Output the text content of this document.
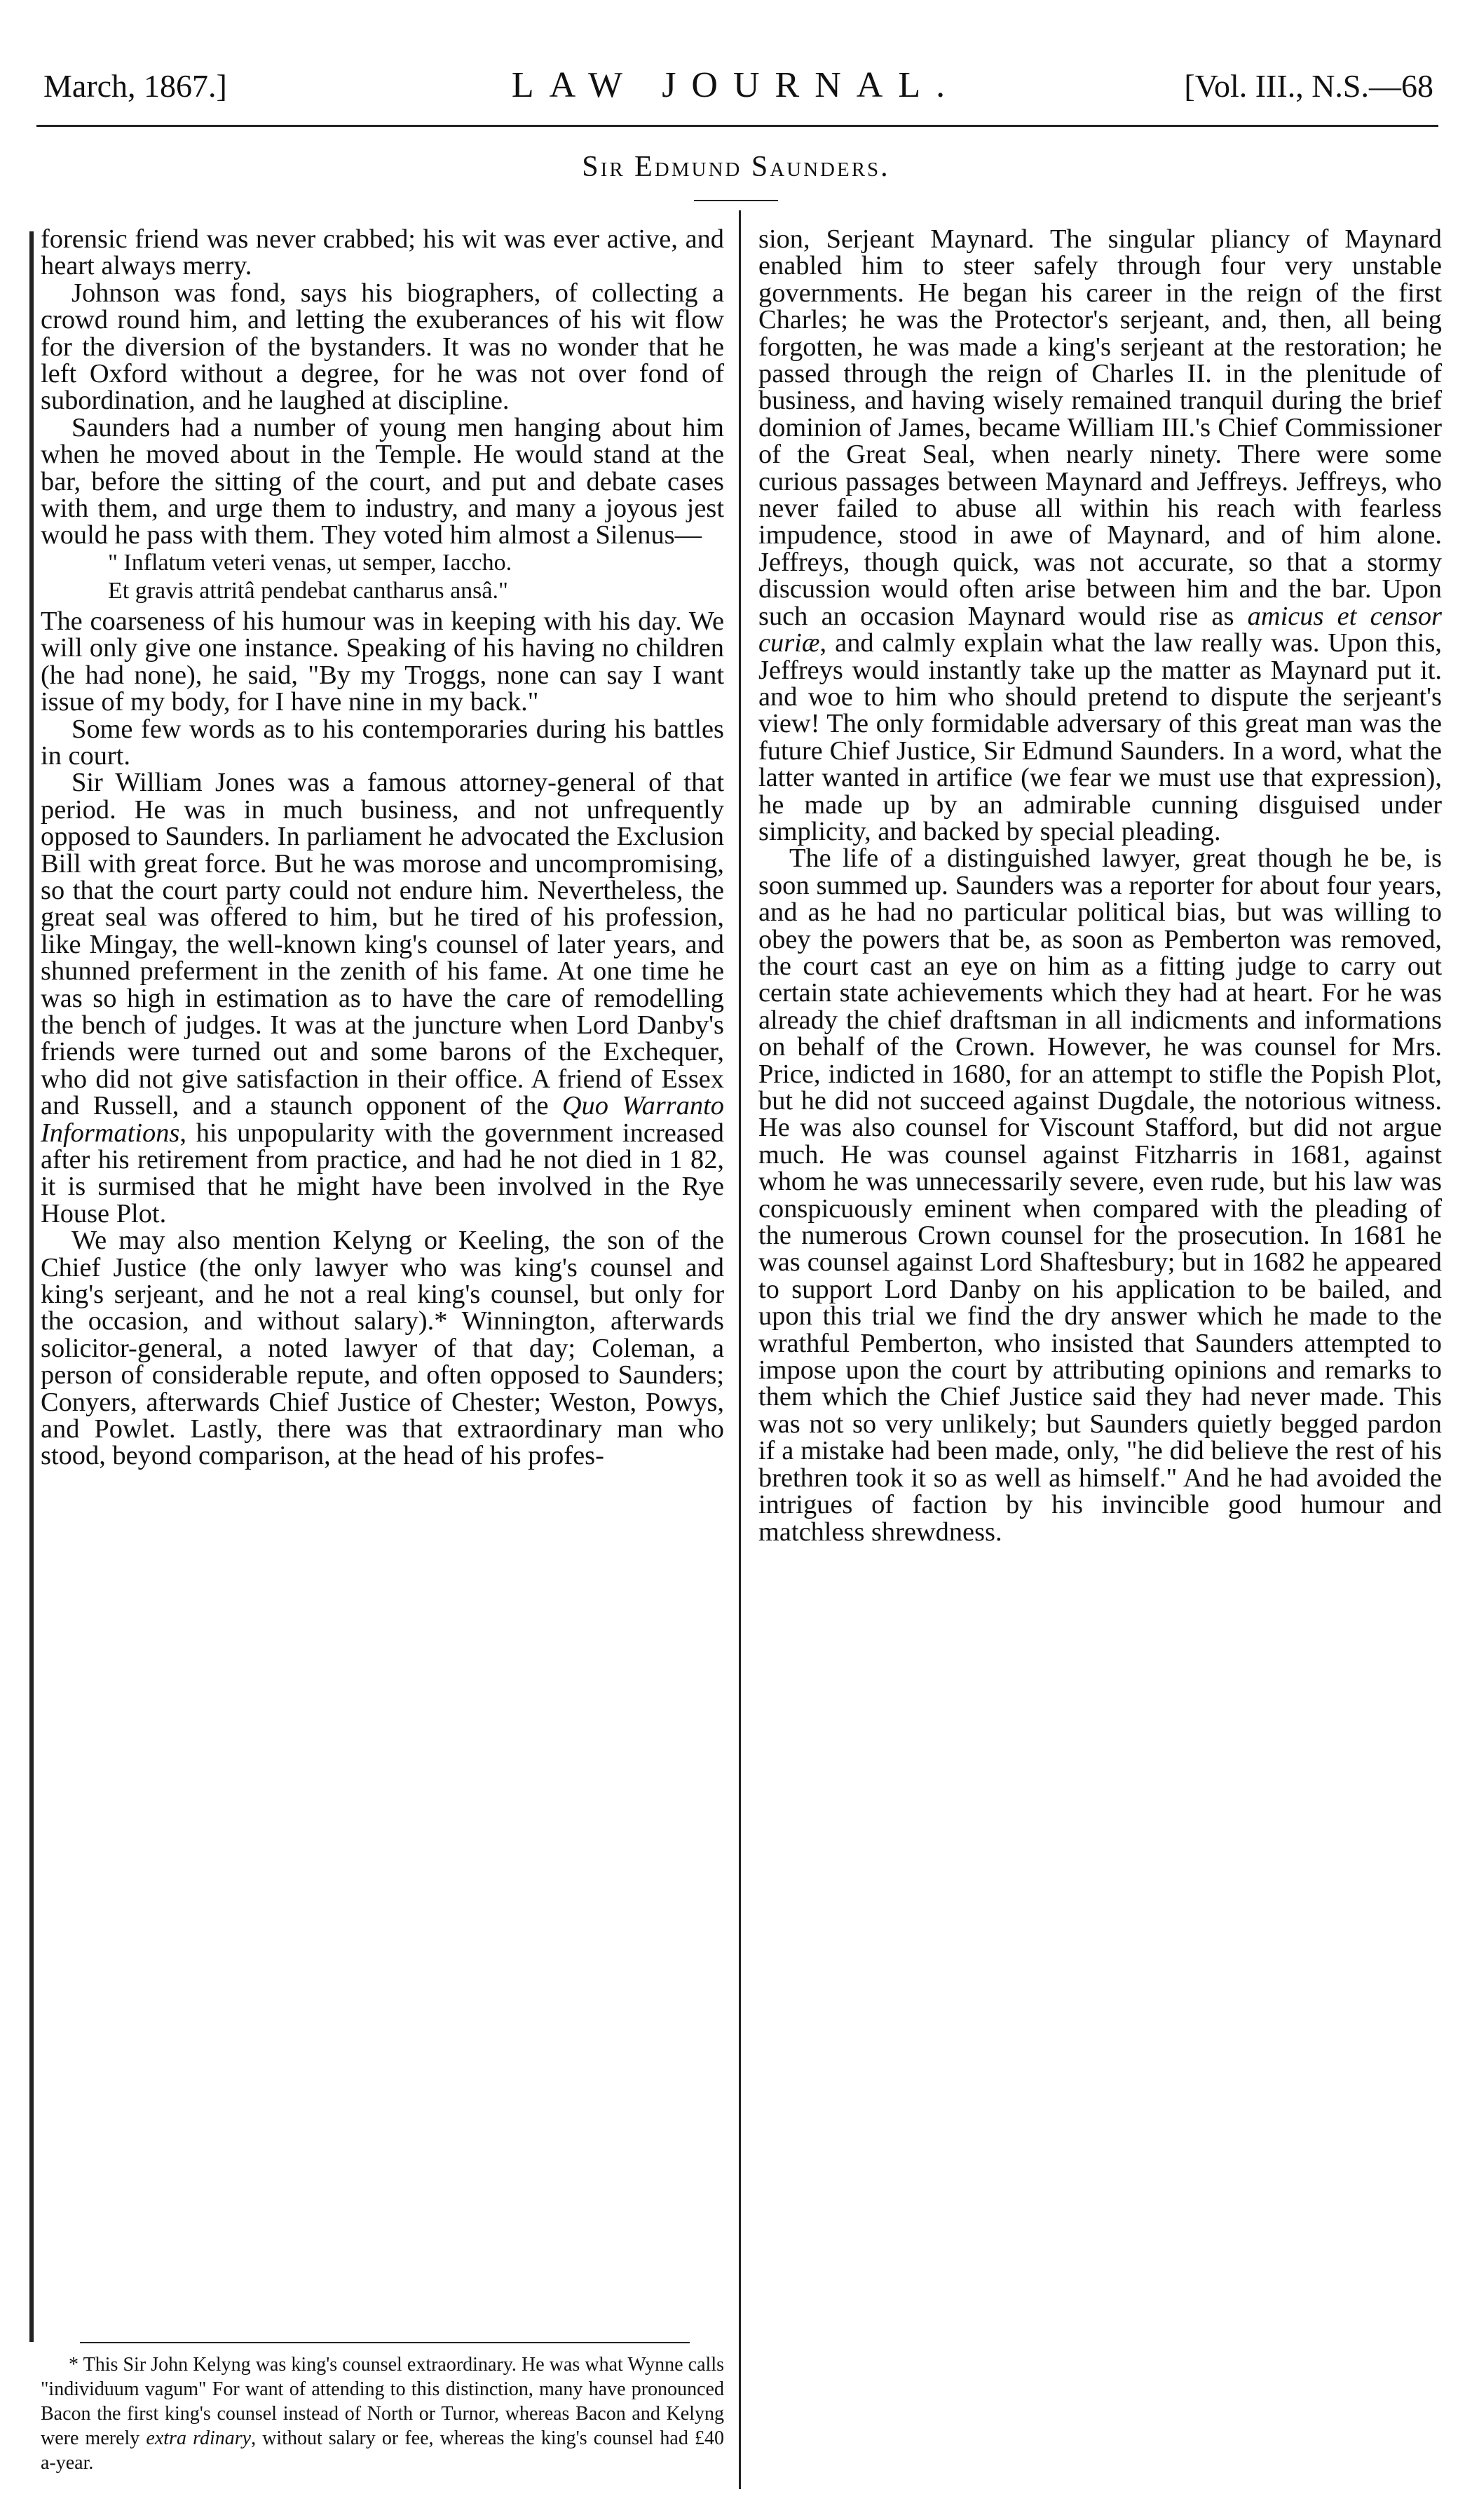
March, 1867.]	LAW JOURNAL.	[Vol. III., N.S.—68
Sir Edmund Saunders.

forensic friend was never crabbed; his wit was ever active, and heart always merry.

Johnson was fond, says his biographers, of collecting a crowd round him, and letting the exuberances of his wit flow for the diversion of the bystanders. It was no wonder that he left Oxford without a degree, for he was not over fond of subordination, and he laughed at discipline.

Saunders had a number of young men hanging about him when he moved about in the Temple. He would stand at the bar, before the sitting of the court, and put and debate cases with them, and urge them to industry, and many a joyous jest would he pass with them. They voted him almost a Silenus—

" Inflatum veteri venas, ut semper, Iaccho.

Et gravis attritâ pendebat cantharus ansâ."

The coarseness of his humour was in keeping with his day. We will only give one instance. Speaking of his having no children (he had none), he said, "By my Troggs, none can say I want issue of my body, for I have nine in my back."

Some few words as to his contemporaries during his battles in court.

Sir William Jones was a famous attorney-general of that period. He was in much business, and not unfrequently opposed to Saunders. In parliament he advocated the Exclusion Bill with great force. But he was morose and uncompromising, so that the court party could not endure him. Nevertheless, the great seal was offered to him, but he tired of his profession, like Mingay, the well-known king's counsel of later years, and shunned preferment in the zenith of his fame. At one time he was so high in estimation as to have the care of remodelling the bench of judges. It was at the juncture when Lord Danby's friends were turned out and some barons of the Exchequer, who did not give satisfaction in their office. A friend of Essex and Russell, and a staunch opponent of the Quo Warranto Informations, his unpopularity with the government increased after his retirement from practice, and had he not died in 1 82, it is surmised that he might have been involved in the Rye House Plot.

We may also mention Kelyng or Keeling, the son of the Chief Justice (the only lawyer who was king's counsel and king's serjeant, and he not a real king's counsel, but only for the occasion, and without salary).* Winnington, afterwards solicitor-general, a noted lawyer of that day; Coleman, a person of considerable repute, and often opposed to Saunders; Conyers, afterwards Chief Justice of Chester; Weston, Powys, and Powlet. Lastly, there was that extraordinary man who stood, beyond comparison, at the head of his profes-

* This Sir John Kelyng was king's counsel extraordinary. He was what Wynne calls "individuum vagum" For want of attending to this distinction, many have pronounced Bacon the first king's counsel instead of North or Turnor, whereas Bacon and Kelyng were merely extra rdinary, without salary or fee, whereas the king's counsel had £40 a-year.

sion, Serjeant Maynard. The singular pliancy of Maynard enabled him to steer safely through four very unstable governments. He began his career in the reign of the first Charles; he was the Protector's serjeant, and, then, all being forgotten, he was made a king's serjeant at the restoration; he passed through the reign of Charles II. in the plenitude of business, and having wisely remained tranquil during the brief dominion of James, became William III.'s Chief Commissioner of the Great Seal, when nearly ninety. There were some curious passages between Maynard and Jeffreys. Jeffreys, who never failed to abuse all within his reach with fearless impudence, stood in awe of Maynard, and of him alone. Jeffreys, though quick, was not accurate, so that a stormy discussion would often arise between him and the bar. Upon such an occasion Maynard would rise as amicus et censor curiæ, and calmly explain what the law really was. Upon this, Jeffreys would instantly take up the matter as Maynard put it. and woe to him who should pretend to dispute the serjeant's view! The only formidable adversary of this great man was the future Chief Justice, Sir Edmund Saunders. In a word, what the latter wanted in artifice (we fear we must use that expression), he made up by an admirable cunning disguised under simplicity, and backed by special pleading.

The life of a distinguished lawyer, great though he be, is soon summed up. Saunders was a reporter for about four years, and as he had no particular political bias, but was willing to obey the powers that be, as soon as Pemberton was removed, the court cast an eye on him as a fitting judge to carry out certain state achievements which they had at heart. For he was already the chief draftsman in all indicments and informations on behalf of the Crown. However, he was counsel for Mrs. Price, indicted in 1680, for an attempt to stifle the Popish Plot, but he did not succeed against Dugdale, the notorious witness. He was also counsel for Viscount Stafford, but did not argue much. He was counsel against Fitzharris in 1681, against whom he was unnecessarily severe, even rude, but his law was conspicuously eminent when compared with the pleading of the numerous Crown counsel for the prosecution. In 1681 he was counsel against Lord Shaftesbury; but in 1682 he appeared to support Lord Danby on his application to be bailed, and upon this trial we find the dry answer which he made to the wrathful Pemberton, who insisted that Saunders attempted to impose upon the court by attributing opinions and remarks to them which the Chief Justice said they had never made. This was not so very unlikely; but Saunders quietly begged pardon if a mistake had been made, only, "he did believe the rest of his brethren took it so as well as himself." And he had avoided the intrigues of faction by his invincible good humour and matchless shrewdness.
